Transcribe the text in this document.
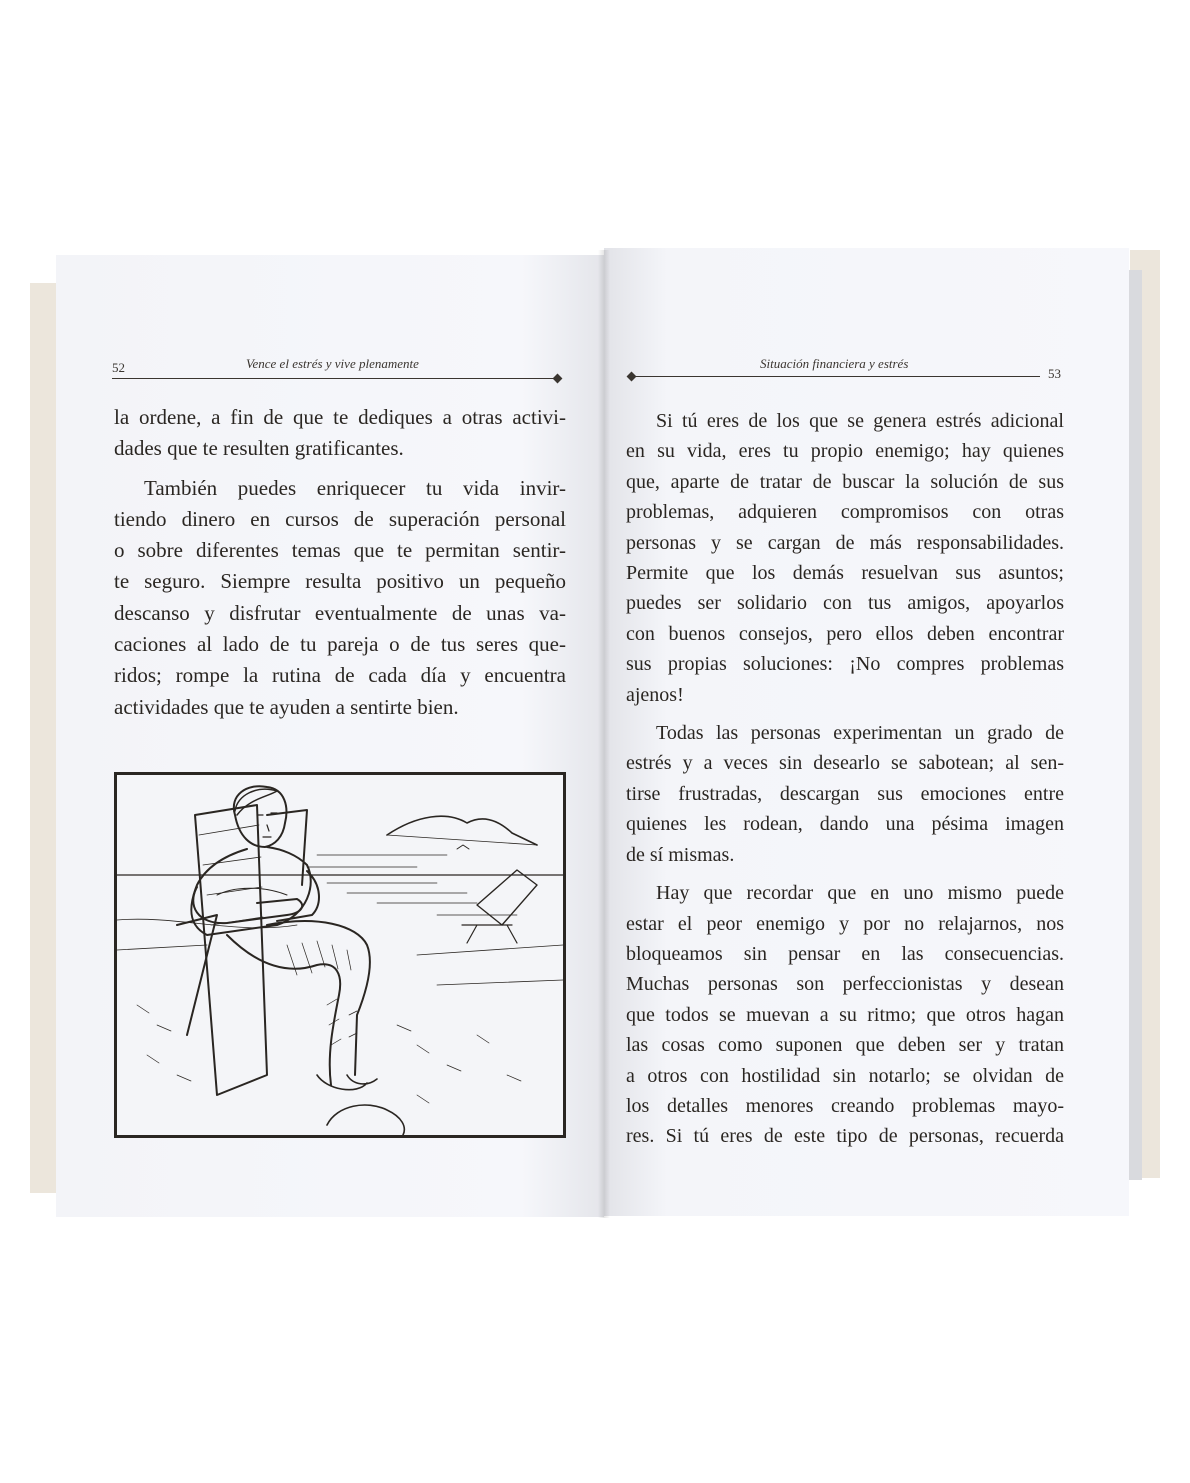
52	Vence el estrés y vive plenamente	Situación financiera y estrés
53
la ordene, a fin de que te dediques a otras activi-
dades que te resulten gratificantes.
También puedes enriquecer tu vida invir-
tiendo dinero en cursos de superación personal
o sobre diferentes temas que te permitan sentir-
te seguro. Siempre resulta positivo un pequeño
descanso y disfrutar eventualmente de unas va-
caciones al lado de tu pareja o de tus seres que-
ridos; rompe la rutina de cada día y encuentra
actividades que te ayuden a sentirte bien.
Si tú eres de los que se genera estrés adicional
en su vida, eres tu propio enemigo; hay quienes
que, aparte de tratar de buscar la solución de sus
problemas, adquieren compromisos con otras
personas y se cargan de más responsabilidades.
Permite que los demás resuelvan sus asuntos;
puedes ser solidario con tus amigos, apoyarlos
con buenos consejos, pero ellos deben encontrar
sus propias soluciones: ¡No compres problemas
ajenos!
Todas las personas experimentan un grado de
estrés y a veces sin desearlo se sabotean; al sen-
tirse frustradas, descargan sus emociones entre
quienes les rodean, dando una pésima imagen
de sí mismas.
Hay que recordar que en uno mismo puede
estar el peor enemigo y por no relajarnos, nos
bloqueamos sin pensar en las consecuencias.
Muchas personas son perfeccionistas y desean
que todos se muevan a su ritmo; que otros hagan
las cosas como suponen que deben ser y tratan
a otros con hostilidad sin notarlo; se olvidan de
los detalles menores creando problemas mayo-
res. Si tú eres de este tipo de personas, recuerda
